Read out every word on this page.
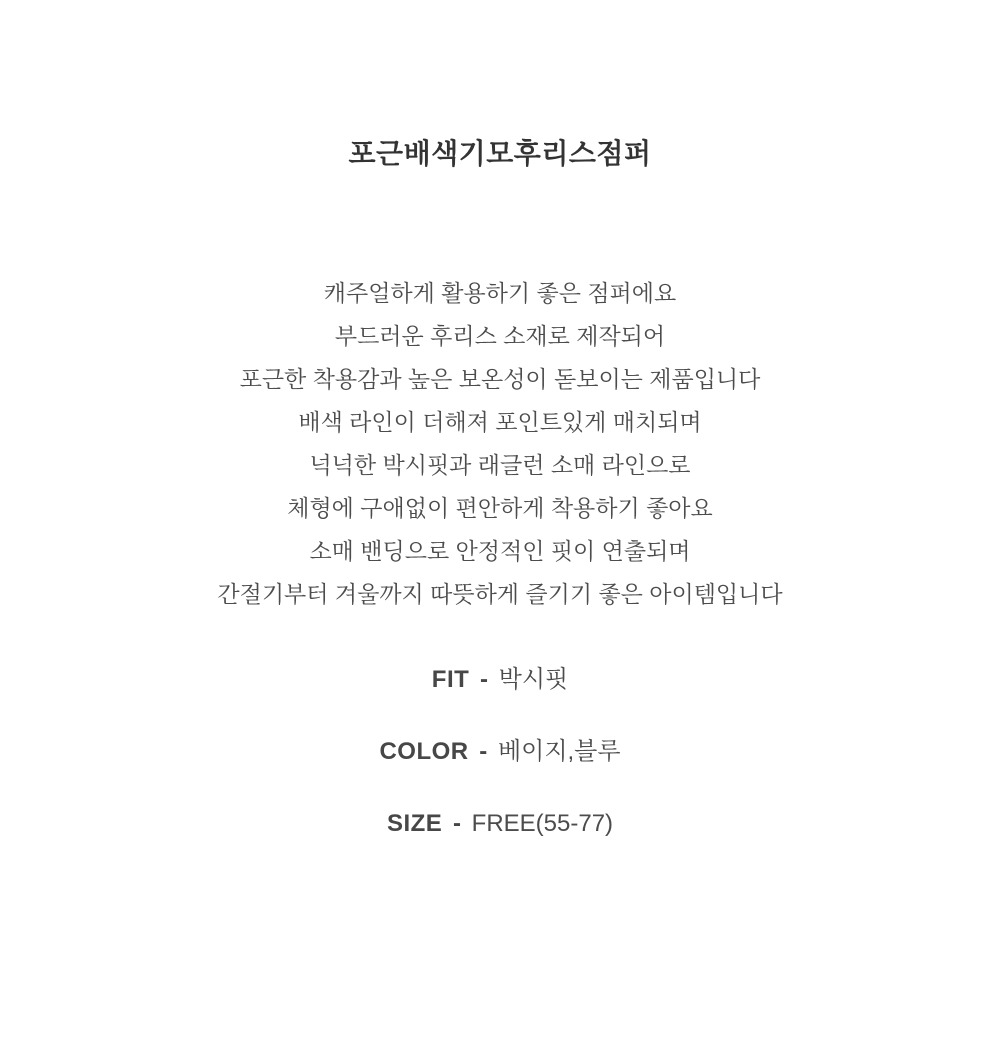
포근배색기모후리스점퍼
캐주얼하게 활용하기 좋은 점퍼에요
부드러운 후리스 소재로 제작되어
포근한 착용감과 높은 보온성이 돋보이는 제품입니다
배색 라인이 더해져 포인트있게 매치되며
넉넉한 박시핏과 래글런 소매 라인으로
체형에 구애없이 편안하게 착용하기 좋아요
소매 밴딩으로 안정적인 핏이 연출되며
간절기부터 겨울까지 따뜻하게 즐기기 좋은 아이템입니다
FIT - 박시핏
COLOR - 베이지,블루
SIZE - FREE(55-77)
